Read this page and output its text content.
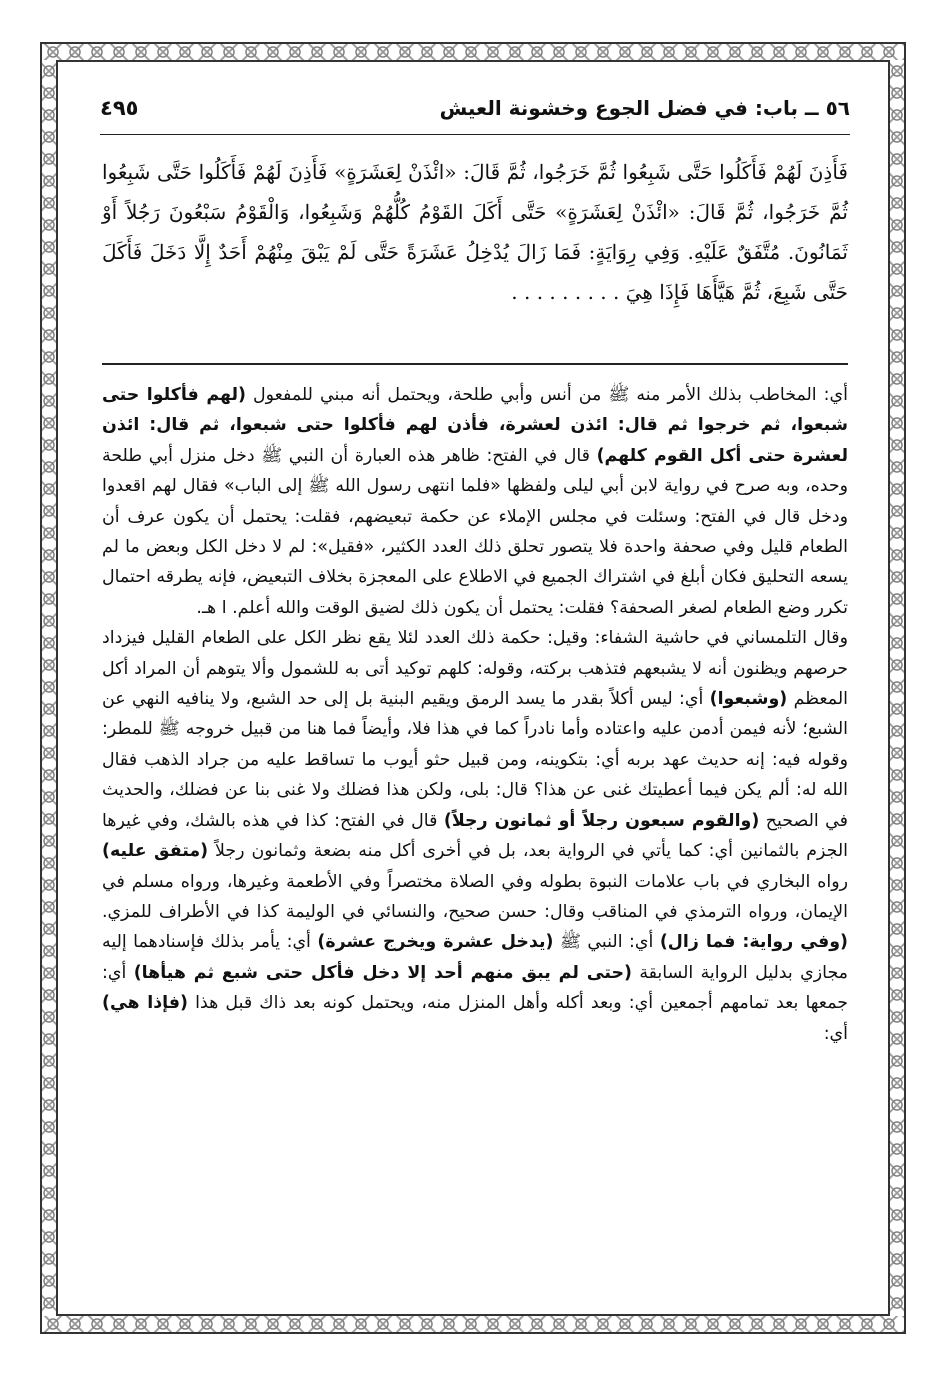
٥٦ ــ باب: في فضل الجوع وخشونة العيش
٤٩٥

فَأَذِنَ لَهُمْ فَأَكَلُوا حَتَّى شَبِعُوا ثُمَّ خَرَجُوا، ثُمَّ قَالَ: «ائْذَنْ لِعَشَرَةٍ» فَأَذِنَ لَهُمْ فَأَكَلُوا حَتَّى شَبِعُوا ثُمَّ خَرَجُوا، ثُمَّ قَالَ: «ائْذَنْ لِعَشَرَةٍ» حَتَّى أَكَلَ القَوْمُ كُلُّهُمْ وَشَبِعُوا، وَالْقَوْمُ سَبْعُونَ رَجُلاً أَوْ ثَمَانُونَ. مُتَّفَقٌ عَلَيْهِ. وَفِي رِوَايَةٍ: فَمَا زَالَ يُدْخِلُ عَشَرَةً حَتَّى لَمْ يَبْقَ مِنْهُمْ أَحَدٌ إِلَّا دَخَلَ فَأَكَلَ حَتَّى شَبِعَ، ثُمَّ هَيَّأَهَا فَإِذَا هِيَ . . . . . . . . .

أي: المخاطب بذلك الأمر منه ﷺ من أنس وأبي طلحة، ويحتمل أنه مبني للمفعول (لهم فأكلوا حتى شبعوا، ثم خرجوا ثم قال: ائذن لعشرة، فأذن لهم فأكلوا حتى شبعوا، ثم قال: ائذن لعشرة حتى أكل القوم كلهم) قال في الفتح: ظاهر هذه العبارة أن النبي ﷺ دخل منزل أبي طلحة وحده، وبه صرح في رواية لابن أبي ليلى ولفظها «فلما انتهى رسول الله ﷺ إلى الباب» فقال لهم اقعدوا ودخل قال في الفتح: وسئلت في مجلس الإملاء عن حكمة تبعيضهم، فقلت: يحتمل أن يكون عرف أن الطعام قليل وفي صحفة واحدة فلا يتصور تحلق ذلك العدد الكثير، «فقيل»: لم لا دخل الكل وبعض ما لم يسعه التحليق فكان أبلغ في اشتراك الجميع في الاطلاع على المعجزة بخلاف التبعيض، فإنه يطرقه احتمال تكرر وضع الطعام لصغر الصحفة؟ فقلت: يحتمل أن يكون ذلك لضيق الوقت والله أعلم. ا هـ.

وقال التلمساني في حاشية الشفاء: وقيل: حكمة ذلك العدد لئلا يقع نظر الكل على الطعام القليل فيزداد حرصهم ويظنون أنه لا يشبعهم فتذهب بركته، وقوله: كلهم توكيد أتى به للشمول وألا يتوهم أن المراد أكل المعظم (وشبعوا) أي: ليس أكلاً بقدر ما يسد الرمق ويقيم البنية بل إلى حد الشبع، ولا ينافيه النهي عن الشبع؛ لأنه فيمن أدمن عليه واعتاده وأما نادراً كما في هذا فلا، وأيضاً فما هنا من قبيل خروجه ﷺ للمطر: وقوله فيه: إنه حديث عهد بربه أي: بتكوينه، ومن قبيل حثو أيوب ما تساقط عليه من جراد الذهب فقال الله له: ألم يكن فيما أعطيتك غنى عن هذا؟ قال: بلى، ولكن هذا فضلك ولا غنى بنا عن فضلك، والحديث في الصحيح (والقوم سبعون رجلاً أو ثمانون رجلاً) قال في الفتح: كذا في هذه بالشك، وفي غيرها الجزم بالثمانين أي: كما يأتي في الرواية بعد، بل في أخرى أكل منه بضعة وثمانون رجلاً (متفق عليه) رواه البخاري في باب علامات النبوة بطوله وفي الصلاة مختصراً وفي الأطعمة وغيرها، ورواه مسلم في الإيمان، ورواه الترمذي في المناقب وقال: حسن صحيح، والنسائي في الوليمة كذا في الأطراف للمزي. (وفي رواية: فما زال) أي: النبي ﷺ (يدخل عشرة ويخرج عشرة) أي: يأمر بذلك فإسنادهما إليه مجازي بدليل الرواية السابقة (حتى لم يبق منهم أحد إلا دخل فأكل حتى شبع ثم هيأها) أي: جمعها بعد تمامهم أجمعين أي: وبعد أكله وأهل المنزل منه، ويحتمل كونه بعد ذاك قبل هذا (فإذا هي) أي:
